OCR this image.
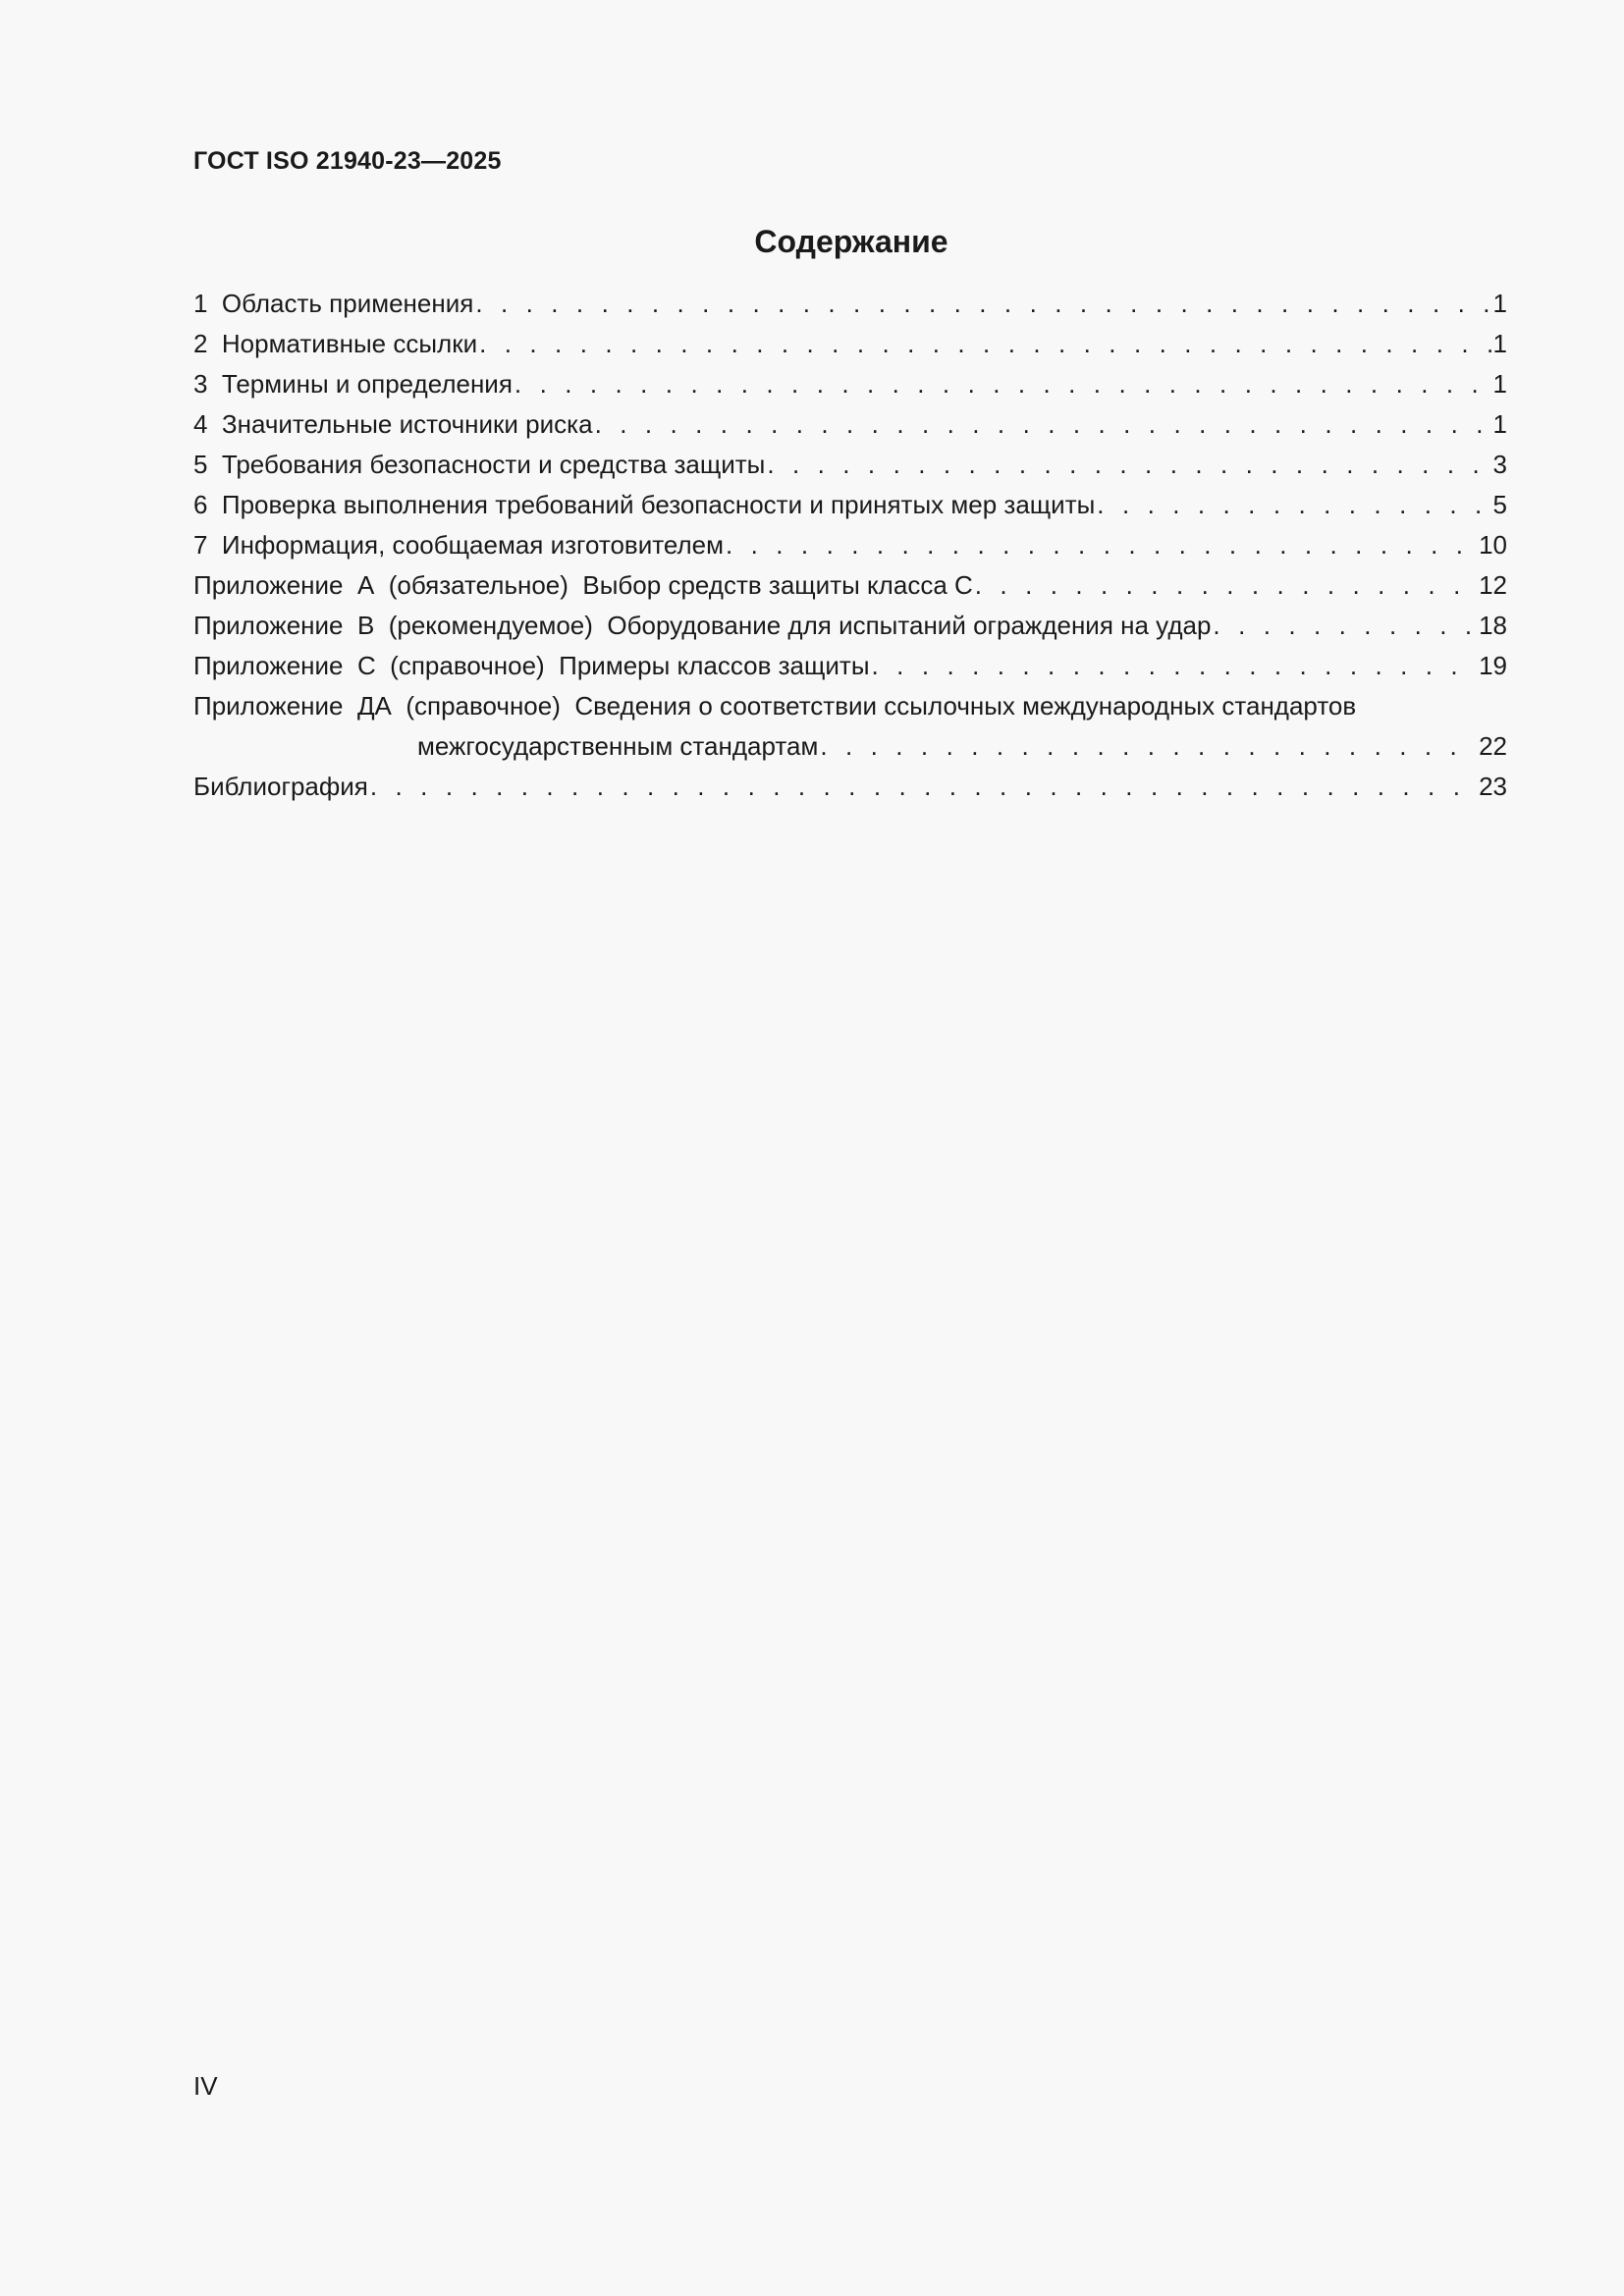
ГОСТ ISO 21940-23—2025
Содержание
1  Область применения . . .	1
2  Нормативные ссылки . . .	1
3  Термины и определения . . .	1
4  Значительные источники риска . . .	1
5  Требования безопасности и средства защиты . . .	3
6  Проверка выполнения требований безопасности и принятых мер защиты . . .	5
7  Информация, сообщаемая изготовителем . . .	10
Приложение  А  (обязательное)  Выбор средств защиты класса С . . .	12
Приложение  В  (рекомендуемое)  Оборудование для испытаний ограждения на удар . . .	18
Приложение  С  (справочное)  Примеры классов защиты . . .	19
Приложение  ДА  (справочное)  Сведения о соответствии ссылочных международных стандартов
межгосударственным стандартам . . .	22
Библиография . . .	23
IV
